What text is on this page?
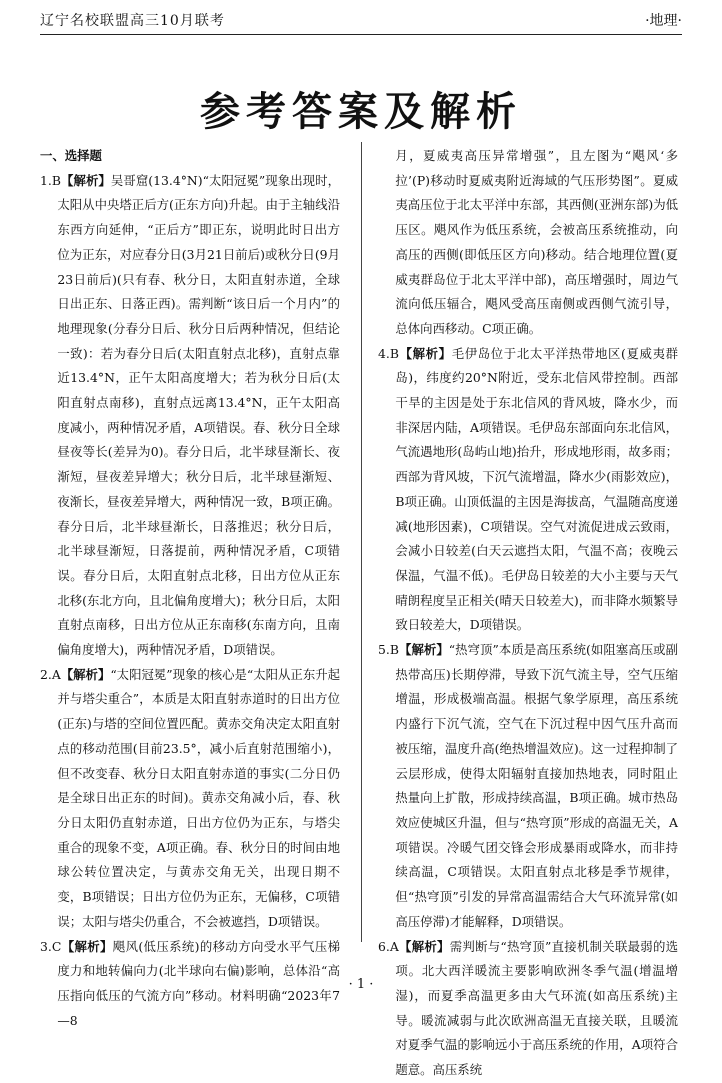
辽宁名校联盟高三10月联考	·地理·
参考答案及解析

一、选择题

1.B【解析】吴哥窟(13.4°N)“太阳冠冕”现象出现时，太阳从中央塔正后方(正东方向)升起。由于主轴线沿东西方向延伸，“正后方”即正东，说明此时日出方位为正东，对应春分日(3月21日前后)或秋分日(9月23日前后)(只有春、秋分日，太阳直射赤道，全球日出正东、日落正西)。需判断“该日后一个月内”的地理现象(分春分日后、秋分日后两种情况，但结论一致)：若为春分日后(太阳直射点北移)，直射点靠近13.4°N，正午太阳高度增大；若为秋分日后(太阳直射点南移)，直射点远离13.4°N，正午太阳高度减小，两种情况矛盾，A项错误。春、秋分日全球昼夜等长(差异为0)。春分日后，北半球昼渐长、夜渐短，昼夜差异增大；秋分日后，北半球昼渐短、夜渐长，昼夜差异增大，两种情况一致，B项正确。春分日后，北半球昼渐长，日落推迟；秋分日后，北半球昼渐短，日落提前，两种情况矛盾，C项错误。春分日后，太阳直射点北移，日出方位从正东北移(东北方向，且北偏角度增大)；秋分日后，太阳直射点南移，日出方位从正东南移(东南方向，且南偏角度增大)，两种情况矛盾，D项错误。

2.A【解析】“太阳冠冕”现象的核心是“太阳从正东升起并与塔尖重合”，本质是太阳直射赤道时的日出方位(正东)与塔的空间位置匹配。黄赤交角决定太阳直射点的移动范围(目前23.5°，减小后直射范围缩小)，但不改变春、秋分日太阳直射赤道的事实(二分日仍是全球日出正东的时间)。黄赤交角减小后，春、秋分日太阳仍直射赤道，日出方位仍为正东，与塔尖重合的现象不变，A项正确。春、秋分日的时间由地球公转位置决定，与黄赤交角无关，出现日期不变，B项错误；日出方位仍为正东，无偏移，C项错误；太阳与塔尖仍重合，不会被遮挡，D项错误。

3.C【解析】飓风(低压系统)的移动方向受水平气压梯度力和地转偏向力(北半球向右偏)影响，总体沿“高压指向低压的气流方向”移动。材料明确“2023年7—8

月，夏威夷高压异常增强”，且左图为“飓风‘多拉’(P)移动时夏威夷附近海域的气压形势图”。夏威夷高压位于北太平洋中东部，其西侧(亚洲东部)为低压区。飓风作为低压系统，会被高压系统推动，向高压的西侧(即低压区方向)移动。结合地理位置(夏威夷群岛位于北太平洋中部)，高压增强时，周边气流向低压辐合，飓风受高压南侧或西侧气流引导，总体向西移动。C项正确。

4.B【解析】毛伊岛位于北太平洋热带地区(夏威夷群岛)，纬度约20°N附近，受东北信风带控制。西部干旱的主因是处于东北信风的背风坡，降水少，而非深居内陆，A项错误。毛伊岛东部面向东北信风，气流遇地形(岛屿山地)抬升，形成地形雨，故多雨；西部为背风坡，下沉气流增温，降水少(雨影效应)，B项正确。山顶低温的主因是海拔高，气温随高度递减(地形因素)，C项错误。空气对流促进成云致雨，会减小日较差(白天云遮挡太阳，气温不高；夜晚云保温，气温不低)。毛伊岛日较差的大小主要与天气晴朗程度呈正相关(晴天日较差大)，而非降水频繁导致日较差大，D项错误。

5.B【解析】“热穹顶”本质是高压系统(如阻塞高压或副热带高压)长期停滞，导致下沉气流主导，空气压缩增温，形成极端高温。根据气象学原理，高压系统内盛行下沉气流，空气在下沉过程中因气压升高而被压缩，温度升高(绝热增温效应)。这一过程抑制了云层形成，使得太阳辐射直接加热地表，同时阻止热量向上扩散，形成持续高温，B项正确。城市热岛效应使城区升温，但与“热穹顶”形成的高温无关，A项错误。冷暖气团交锋会形成暴雨或降水，而非持续高温，C项错误。太阳直射点北移是季节规律，但“热穹顶”引发的异常高温需结合大气环流异常(如高压停滞)才能解释，D项错误。

6.A【解析】需判断与“热穹顶”直接机制关联最弱的选项。北大西洋暖流主要影响欧洲冬季气温(增温增湿)，而夏季高温更多由大气环流(如高压系统)主导。暖流减弱与此次欧洲高温无直接关联，且暖流对夏季气温的影响远小于高压系统的作用，A项符合题意。高压系统

· 1 ·
